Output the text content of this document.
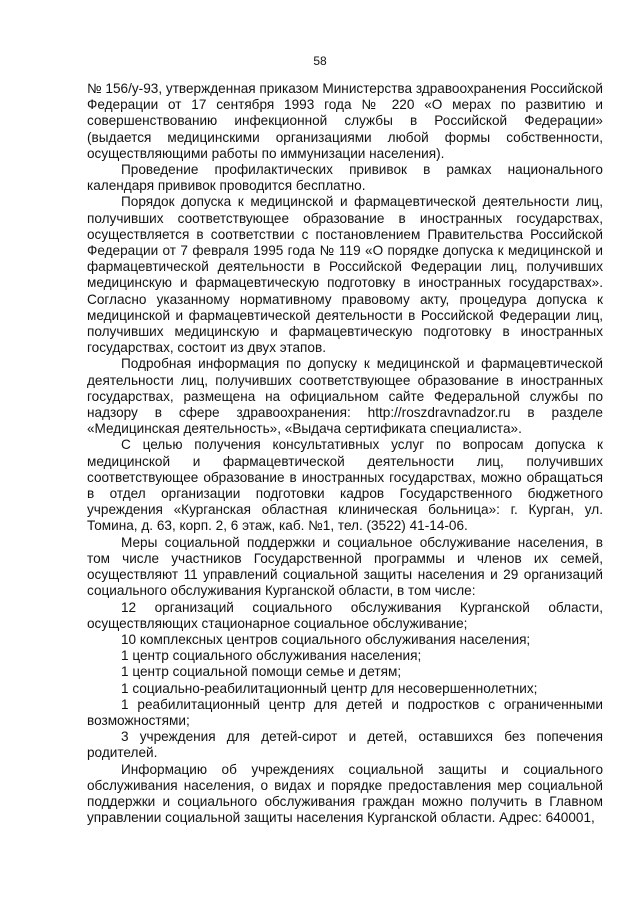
58

№ 156/у-93, утвержденная приказом Министерства здравоохранения Российской Федерации от 17 сентября 1993 года № 220 «О мерах по развитию и совершенствованию инфекционной службы в Российской Федерации» (выдается медицинскими организациями любой формы собственности, осуществляющими работы по иммунизации населения).

Проведение профилактических прививок в рамках национального календаря прививок проводится бесплатно.

Порядок допуска к медицинской и фармацевтической деятельности лиц, получивших соответствующее образование в иностранных государствах, осуществляется в соответствии с постановлением Правительства Российской Федерации от 7 февраля 1995 года № 119 «О порядке допуска к медицинской и фармацевтической деятельности в Российской Федерации лиц, получивших медицинскую и фармацевтическую подготовку в иностранных государствах». Согласно указанному нормативному правовому акту, процедура допуска к медицинской и фармацевтической деятельности в Российской Федерации лиц, получивших медицинскую и фармацевтическую подготовку в иностранных государствах, состоит из двух этапов.

Подробная информация по допуску к медицинской и фармацевтической деятельности лиц, получивших соответствующее образование в иностранных государствах, размещена на официальном сайте Федеральной службы по надзору в сфере здравоохранения: http://roszdravnadzor.ru в разделе «Медицинская деятельность», «Выдача сертификата специалиста».

С целью получения консультативных услуг по вопросам допуска к медицинской и фармацевтической деятельности лиц, получивших соответствующее образование в иностранных государствах, можно обращаться в отдел организации подготовки кадров Государственного бюджетного учреждения «Курганская областная клиническая больница»: г. Курган, ул. Томина, д. 63, корп. 2, 6 этаж, каб. №1, тел. (3522) 41-14-06.

Меры социальной поддержки и социальное обслуживание населения, в том числе участников Государственной программы и членов их семей, осуществляют 11 управлений социальной защиты населения и 29 организаций социального обслуживания Курганской области, в том числе:

12 организаций социального обслуживания Курганской области, осуществляющих стационарное социальное обслуживание;

10 комплексных центров социального обслуживания населения;

1 центр социального обслуживания населения;

1 центр социальной помощи семье и детям;

1 социально-реабилитационный центр для несовершеннолетних;

1 реабилитационный центр для детей и подростков с ограниченными возможностями;

3 учреждения для детей-сирот и детей, оставшихся без попечения родителей.

Информацию об учреждениях социальной защиты и социального обслуживания населения, о видах и порядке предоставления мер социальной поддержки и социального обслуживания граждан можно получить в Главном управлении социальной защиты населения Курганской области. Адрес: 640001,
